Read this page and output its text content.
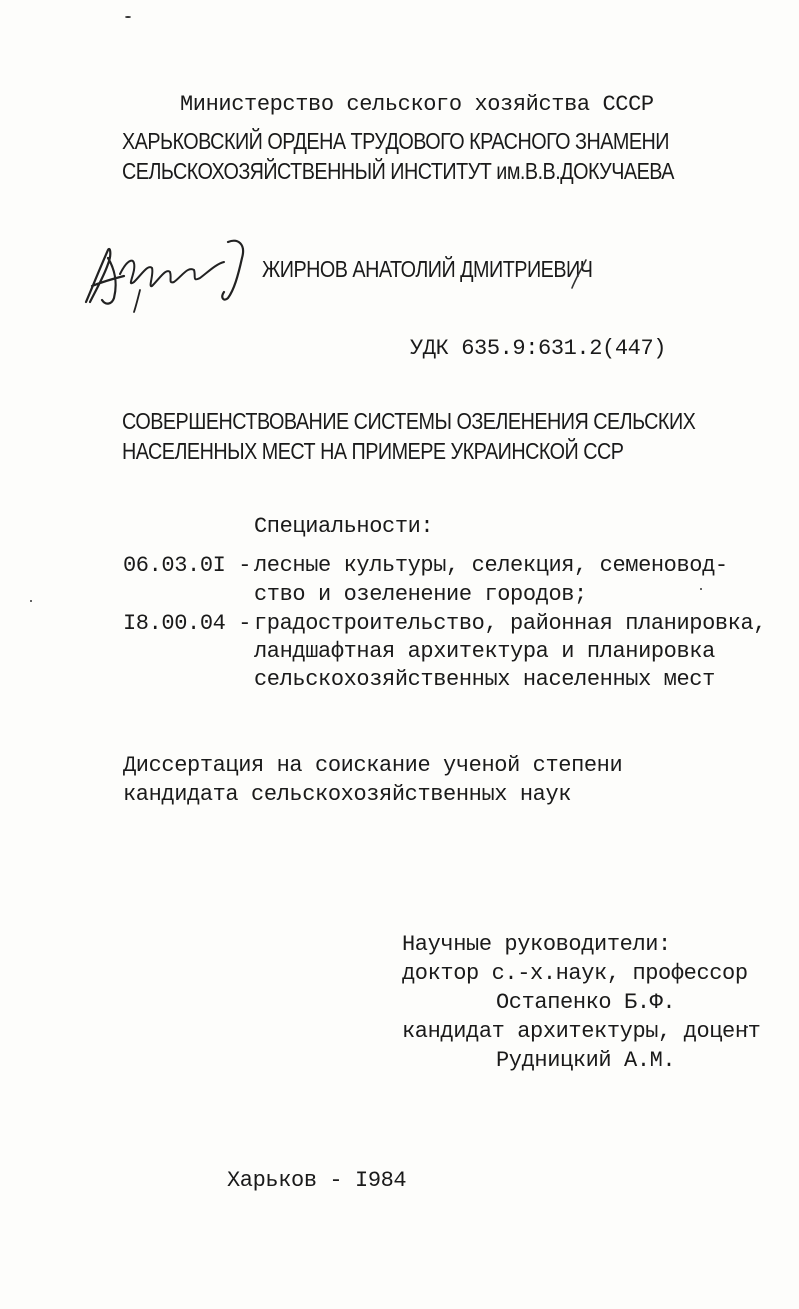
Министерство сельского хозяйства СССР
ХАРЬКОВСКИЙ ОРДЕНА ТРУДОВОГО КРАСНОГО ЗНАМЕНИ
СЕЛЬСКОХОЗЯЙСТВЕННЫЙ ИНСТИТУТ им.В.В.ДОКУЧАЕВА
ЖИРНОВ АНАТОЛИЙ ДМИТРИЕВИЧ
УДК 635.9:631.2(447)
СОВЕРШЕНСТВОВАНИЕ СИСТЕМЫ ОЗЕЛЕНЕНИЯ СЕЛЬСКИХ
НАСЕЛЕННЫХ МЕСТ НА ПРИМЕРЕ УКРАИНСКОЙ ССР
Специальности:
06.03.0I - лесные культуры, селекция, семеновод-
ство и озеленение городов;
I8.00.04 - градостроительство, районная планировка,
ландшафтная архитектура и планировка
сельскохозяйственных населенных мест
Диссертация на соискание ученой степени
кандидата сельскохозяйственных наук
Научные руководители:
доктор с.-х.наук, профессор
Остапенко Б.Ф.
кандидат архитектуры, доцент
Рудницкий А.М.
Харьков - I984
